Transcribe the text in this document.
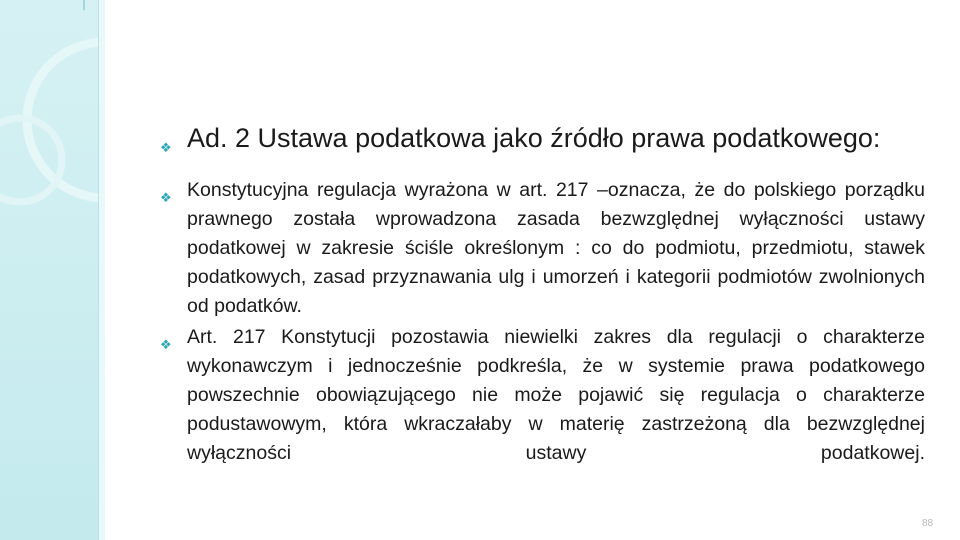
❖ Ad. 2 Ustawa podatkowa jako źródło prawa podatkowego:
❖ Konstytucyjna regulacja wyrażona w art. 217 –oznacza, że do polskiego porządku prawnego została wprowadzona zasada bezwzględnej wyłączności ustawy podatkowej w zakresie ściśle określonym : co do podmiotu, przedmiotu, stawek podatkowych, zasad przyznawania ulg i umorzeń i kategorii podmiotów zwolnionych od podatków.
❖ Art. 217 Konstytucji pozostawia niewielki zakres dla regulacji o charakterze wykonawczym i jednocześnie podkreśla, że w systemie prawa podatkowego powszechnie obowiązującego nie może pojawić się regulacja o charakterze podustawowym, która wkraczałaby w materię zastrzeżoną dla bezwzględnej wyłączności ustawy podatkowej.
88
